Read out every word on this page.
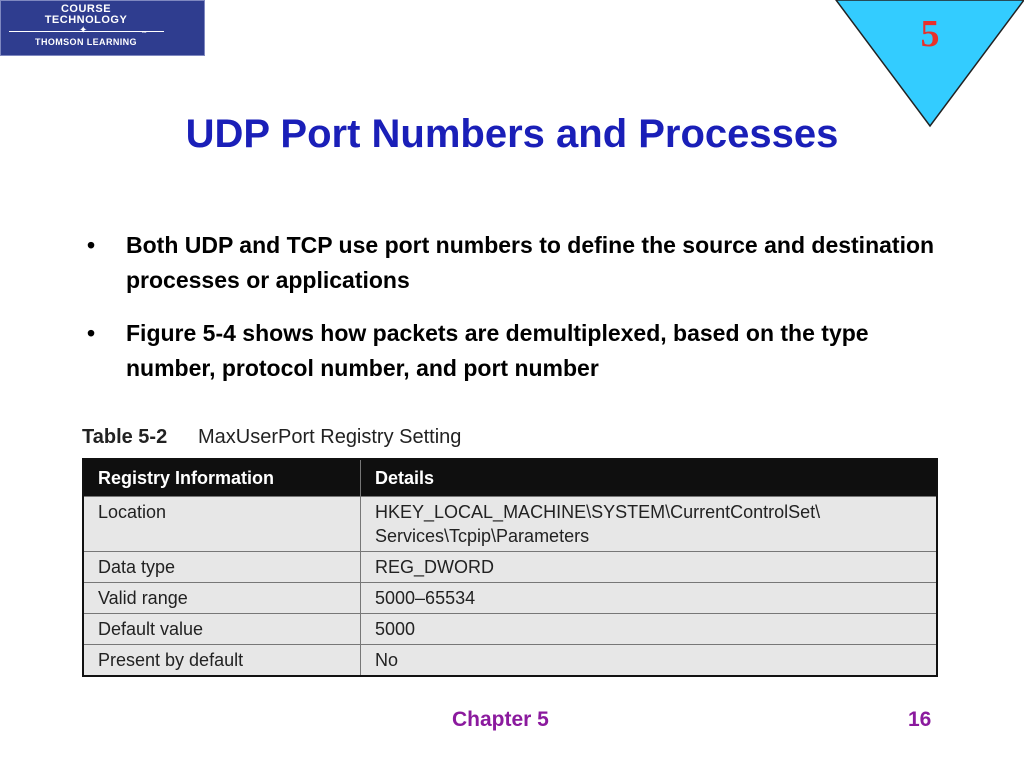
COURSE
TECHNOLOGY
✦
THOMSON LEARNING
™	5
UDP Port Numbers and Processes
• Both UDP and TCP use port numbers to define the source and destination processes or applications
• Figure 5-4 shows how packets are demultiplexed, based on the type number, protocol number, and port number
Table 5-2 MaxUserPort Registry Setting
Registry Information	Details
Location	HKEY_LOCAL_MACHINE\SYSTEM\CurrentControlSet\ Services\Tcpip\Parameters
Data type	REG_DWORD
Valid range	5000–65534
Default value	5000
Present by default	No
Chapter 5	16
